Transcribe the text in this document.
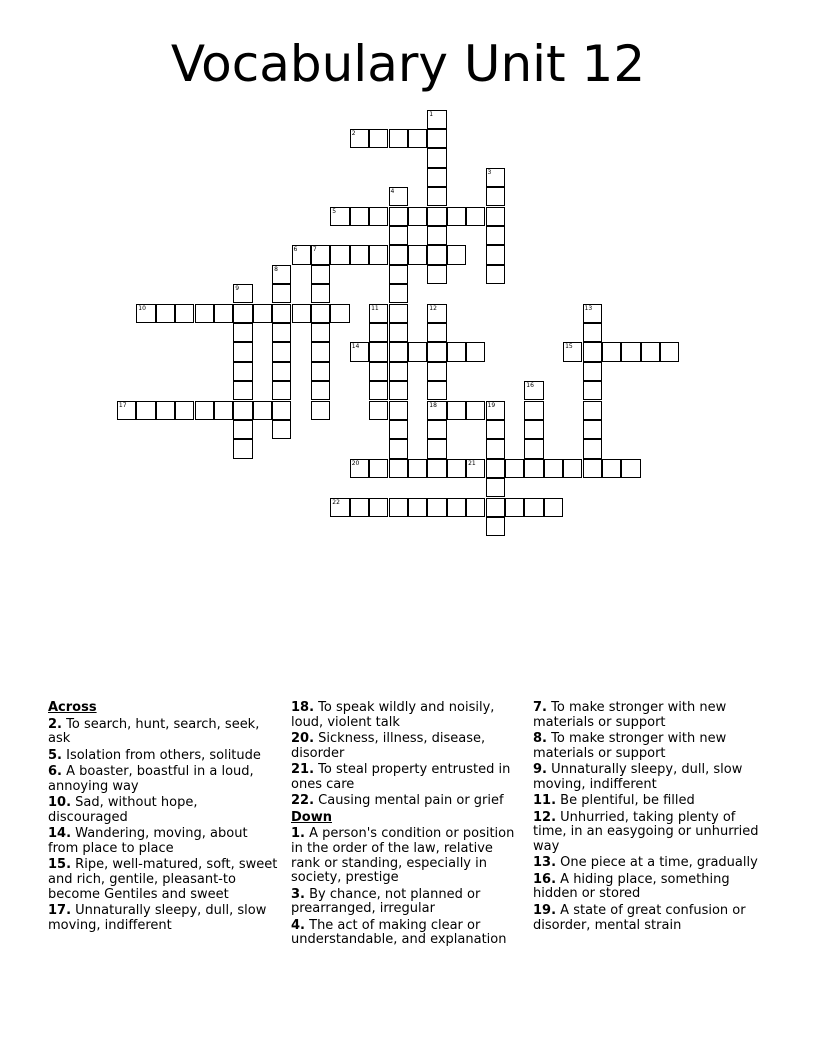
Vocabulary Unit 12
1
2
3
4
5
6	7
8
9
10	11	12
18
13
14	15
16
17	19
20	21
22
Across
2. To search, hunt, search, seek, ask
5. Isolation from others, solitude
6. A boaster, boastful in a loud, annoying way
10. Sad, without hope, discouraged
14. Wandering, moving, about from place to place
15. Ripe, well-matured, soft, sweet and rich, gentile, pleasant-to become Gentiles and sweet
17. Unnaturally sleepy, dull, slow moving, indifferent
18. To speak wildly and noisily, loud, violent talk
20. Sickness, illness, disease, disorder
21. To steal property entrusted in ones care
22. Causing mental pain or grief
Down
1. A person's condition or position in the order of the law, relative rank or standing, especially in society, prestige
3. By chance, not planned or prearranged, irregular
4. The act of making clear or understandable, and explanation
7. To make stronger with new materials or support
8. To make stronger with new materials or support
9. Unnaturally sleepy, dull, slow moving, indifferent
11. Be plentiful, be filled
12. Unhurried, taking plenty of time, in an easygoing or unhurried way
13. One piece at a time, gradually
16. A hiding place, something hidden or stored
19. A state of great confusion or disorder, mental strain
